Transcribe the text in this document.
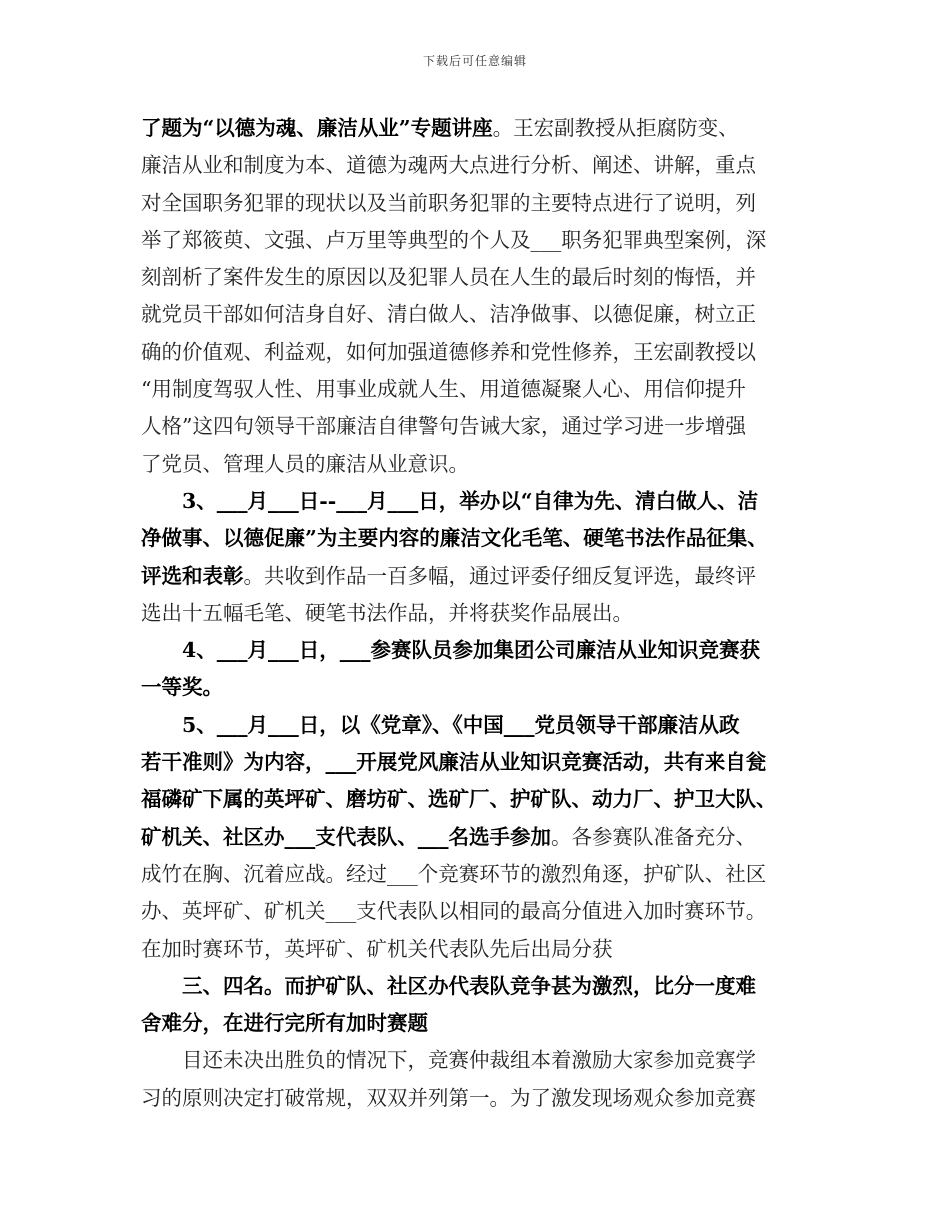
下载后可任意编辑
了题为“以德为魂、廉洁从业”专题讲座。王宏副教授从拒腐防变、
廉洁从业和制度为本、道德为魂两大点进行分析、阐述、讲解，重点
对全国职务犯罪的现状以及当前职务犯罪的主要特点进行了说明，列
举了郑筱萸、文强、卢万里等典型的个人及___职务犯罪典型案例，深
刻剖析了案件发生的原因以及犯罪人员在人生的最后时刻的悔悟，并
就党员干部如何洁身自好、清白做人、洁净做事、以德促廉，树立正
确的价值观、利益观，如何加强道德修养和党性修养，王宏副教授以
“用制度驾驭人性、用事业成就人生、用道德凝聚人心、用信仰提升
人格”这四句领导干部廉洁自律警句告诫大家，通过学习进一步增强
了党员、管理人员的廉洁从业意识。
3、___月___日--___月___日，举办以“自律为先、清白做人、洁
净做事、以德促廉”为主要内容的廉洁文化毛笔、硬笔书法作品征集、
评选和表彰。共收到作品一百多幅，通过评委仔细反复评选，最终评
选出十五幅毛笔、硬笔书法作品，并将获奖作品展出。
4、___月___日，___参赛队员参加集团公司廉洁从业知识竞赛获
一等奖。
5、___月___日，以《党章》、《中国___党员领导干部廉洁从政
若干准则》为内容，___开展党风廉洁从业知识竞赛活动，共有来自瓮
福磷矿下属的英坪矿、磨坊矿、选矿厂、护矿队、动力厂、护卫大队、
矿机关、社区办___支代表队、___名选手参加。各参赛队准备充分、
成竹在胸、沉着应战。经过___个竞赛环节的激烈角逐，护矿队、社区
办、英坪矿、矿机关___支代表队以相同的最高分值进入加时赛环节。
在加时赛环节，英坪矿、矿机关代表队先后出局分获
三、四名。而护矿队、社区办代表队竞争甚为激烈，比分一度难
舍难分，在进行完所有加时赛题
目还未决出胜负的情况下，竞赛仲裁组本着激励大家参加竞赛学
习的原则决定打破常规，双双并列第一。为了激发现场观众参加竞赛
